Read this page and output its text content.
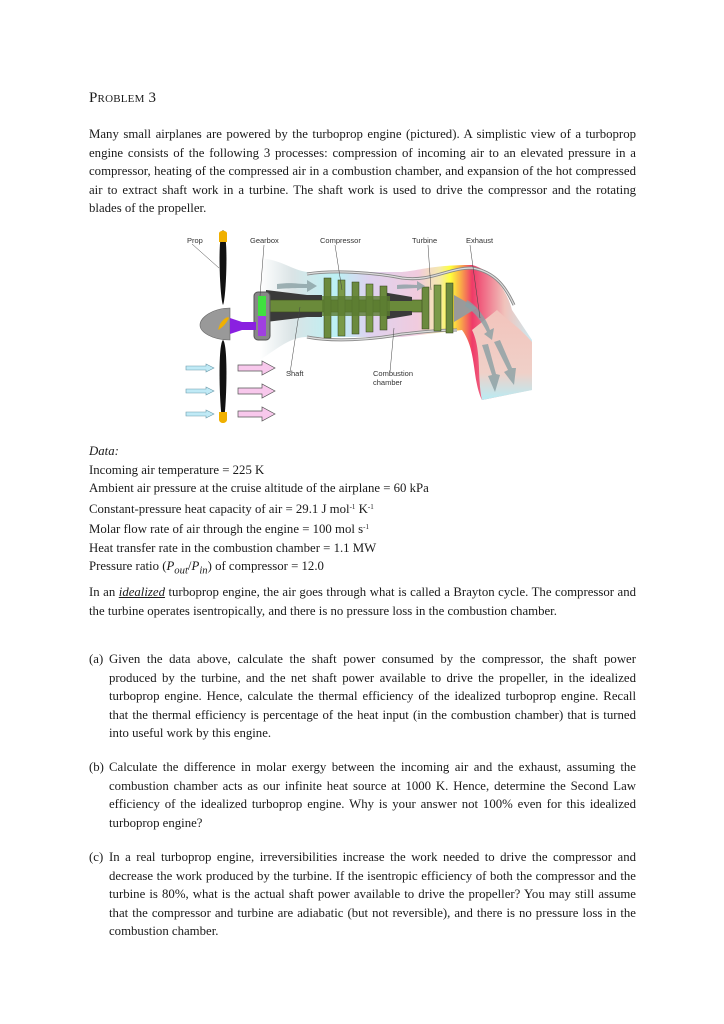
Problem 3
Many small airplanes are powered by the turboprop engine (pictured). A simplistic view of a turboprop engine consists of the following 3 processes: compression of incoming air to an elevated pressure in a compressor, heating of the compressed air in a combustion chamber, and expansion of the hot compressed air to extract shaft work in a turbine. The shaft work is used to drive the compressor and the rotating blades of the propeller.
Prop	Gearbox	Compressor	Turbine	Exhaust
Shaft	Combustion
chamber
Data:
Incoming air temperature = 225 K
Ambient air pressure at the cruise altitude of the airplane = 60 kPa
Constant-pressure heat capacity of air = 29.1 J mol$^{-1}$ $K^{-1}$
Molar flow rate of air through the engine = 100 mol $s^{-1}$
Heat transfer rate in the combustion chamber = 1.1 MW
Pressure ratio $(P_{out}/P_{in})$ of compressor = 12.0
In an idealized turboprop engine, the air goes through what is called a Brayton cycle. The compressor and the turbine operates isentropically, and there is no pressure loss in the combustion chamber.
(a) Given the data above, calculate the shaft power consumed by the compressor, the shaft power produced by the turbine, and the net shaft power available to drive the propeller, in the idealized turboprop engine. Hence, calculate the thermal efficiency of the idealized turboprop engine. Recall that the thermal efficiency is percentage of the heat input (in the combustion chamber) that is turned into useful work by this engine.
(b) Calculate the difference in molar exergy between the incoming air and the exhaust, assuming the combustion chamber acts as our infinite heat source at 1000 K. Hence, determine the Second Law efficiency of the idealized turboprop engine. Why is your answer not 100% even for this idealized turboprop engine?
(c) In a real turboprop engine, irreversibilities increase the work needed to drive the compressor and decrease the work produced by the turbine. If the isentropic efficiency of both the compressor and the turbine is 80%, what is the actual shaft power available to drive the propeller? You may still assume that the compressor and turbine are adiabatic (but not reversible), and there is no pressure loss in the combustion chamber.
